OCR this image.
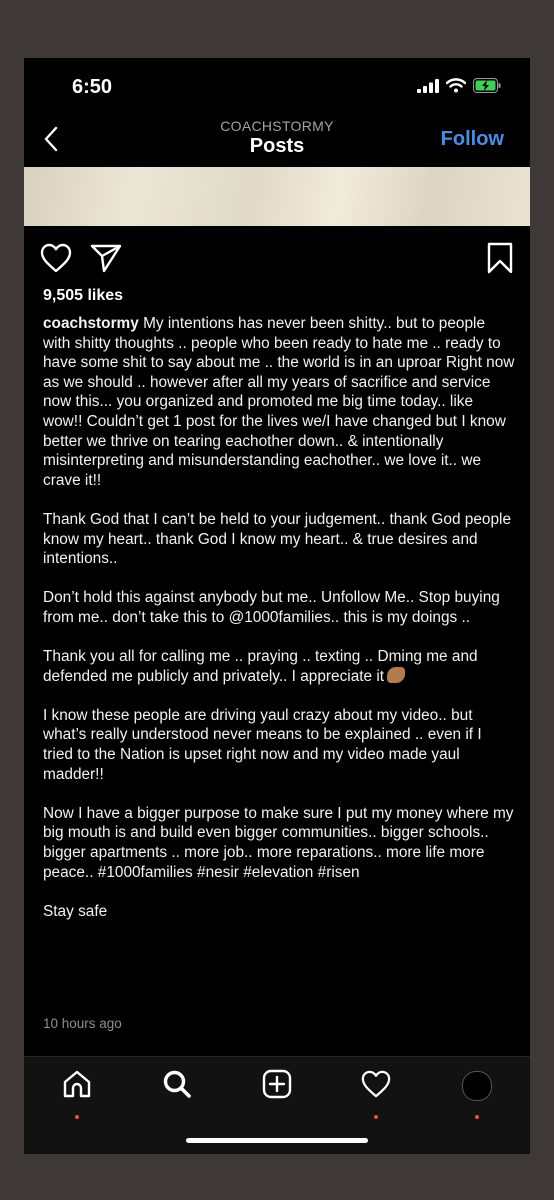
6:50
COACHSTORMY
Posts	Follow
9,505 likes

coachstormy My intentions has never been shitty.. but to people with shitty thoughts .. people who been ready to hate me .. ready to have some shit to say about me .. the world is in an uproar Right now as we should .. however after all my years of sacrifice and service now this... you organized and promoted me big time today.. like wow!! Couldn’t get 1 post for the lives we/I have changed but I know better we thrive on tearing eachother down.. & intentionally misinterpreting and misunderstanding eachother.. we love it.. we crave it!!

Thank God that I can’t be held to your judgement.. thank God people know my heart.. thank God I know my heart.. & true desires and intentions..

Don’t hold this against anybody but me.. Unfollow Me.. Stop buying from me.. don’t take this to @1000families.. this is my doings ..

Thank you all for calling me .. praying .. texting .. Dming me and defended me publicly and privately.. I appreciate it

I know these people are driving yaul crazy about my video.. but what’s really understood never means to be explained .. even if I tried to the Nation is upset right now and my video made yaul madder!!

Now I have a bigger purpose to make sure I put my money where my big mouth is and build even bigger communities.. bigger schools.. bigger apartments .. more job.. more reparations.. more life more peace.. #1000families #nesir #elevation #risen

Stay safe

10 hours ago
